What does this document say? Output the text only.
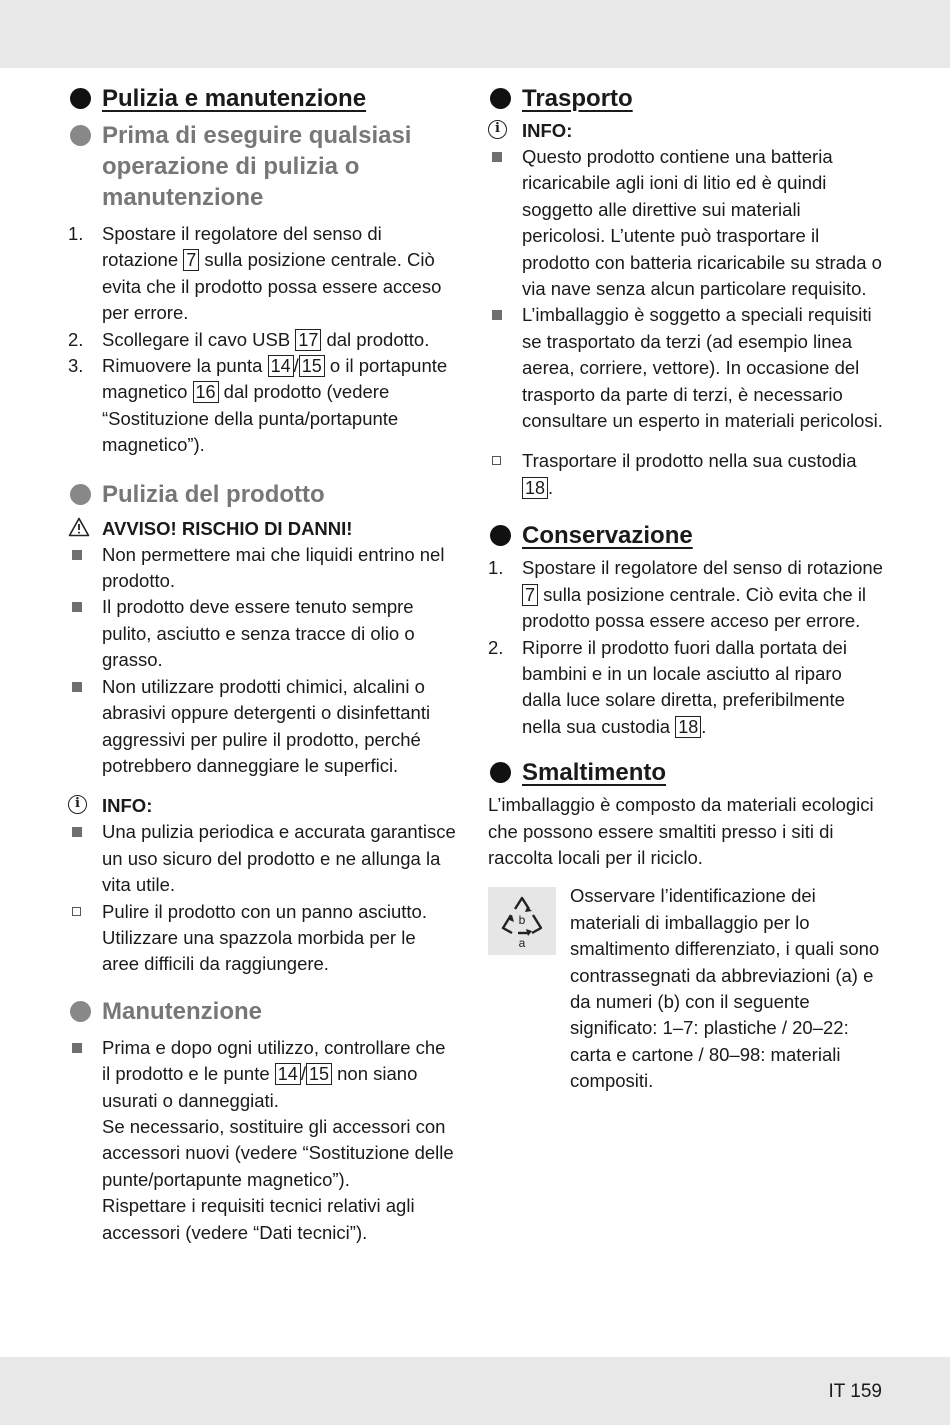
Pulizia e manutenzione
Prima di eseguire qualsiasi operazione di pulizia o manutenzione
1. Spostare il regolatore del senso di rotazione 7 sulla posizione centrale. Ciò evita che il prodotto possa essere acceso per errore.
2. Scollegare il cavo USB 17 dal prodotto.
3. Rimuovere la punta 14 / 15 o il portapunte magnetico 16 dal prodotto (vedere “Sostituzione della punta/portapunte magnetico”).
Pulizia del prodotto
AVVISO! RISCHIO DI DANNI!
Non permettere mai che liquidi entrino nel prodotto.
Il prodotto deve essere tenuto sempre pulito, asciutto e senza tracce di olio o grasso.
Non utilizzare prodotti chimici, alcalini o abrasivi oppure detergenti o disinfettanti aggressivi per pulire il prodotto, perché potrebbero danneggiare le superfici.
i	INFO:
Una pulizia periodica e accurata garantisce un uso sicuro del prodotto e ne allunga la vita utile.
Pulire il prodotto con un panno asciutto. Utilizzare una spazzola morbida per le aree difficili da raggiungere.
Manutenzione
Prima e dopo ogni utilizzo, controllare che il prodotto e le punte 14 / 15 non siano usurati o danneggiati.
Se necessario, sostituire gli accessori con accessori nuovi (vedere “Sostituzione delle punte/portapunte magnetico”).
Rispettare i requisiti tecnici relativi agli accessori (vedere “Dati tecnici”).
Trasporto
i	INFO:
Questo prodotto contiene una batteria ricaricabile agli ioni di litio ed è quindi soggetto alle direttive sui materiali pericolosi. L’utente può trasportare il prodotto con batteria ricaricabile su strada o via nave senza alcun particolare requisito.
L’imballaggio è soggetto a speciali requisiti se trasportato da terzi (ad esempio linea aerea, corriere, vettore). In occasione del trasporto da parte di terzi, è necessario consultare un esperto in materiali pericolosi.
Trasportare il prodotto nella sua custodia 18 .
Conservazione
1. Spostare il regolatore del senso di rotazione 7 sulla posizione centrale. Ciò evita che il prodotto possa essere acceso per errore.
2. Riporre il prodotto fuori dalla portata dei bambini e in un locale asciutto al riparo dalla luce solare diretta, preferibilmente nella sua custodia 18 .
Smaltimento
L’imballaggio è composto da materiali ecologici che possono essere smaltiti presso i siti di raccolta locali per il riciclo.
b
a
Osservare l’identificazione dei materiali di imballaggio per lo smaltimento differenziato, i quali sono contrassegnati da abbreviazioni (a) e da numeri (b) con il seguente significato: 1–7: plastiche / 20–22: carta e cartone / 80–98: materiali compositi.
IT 159
